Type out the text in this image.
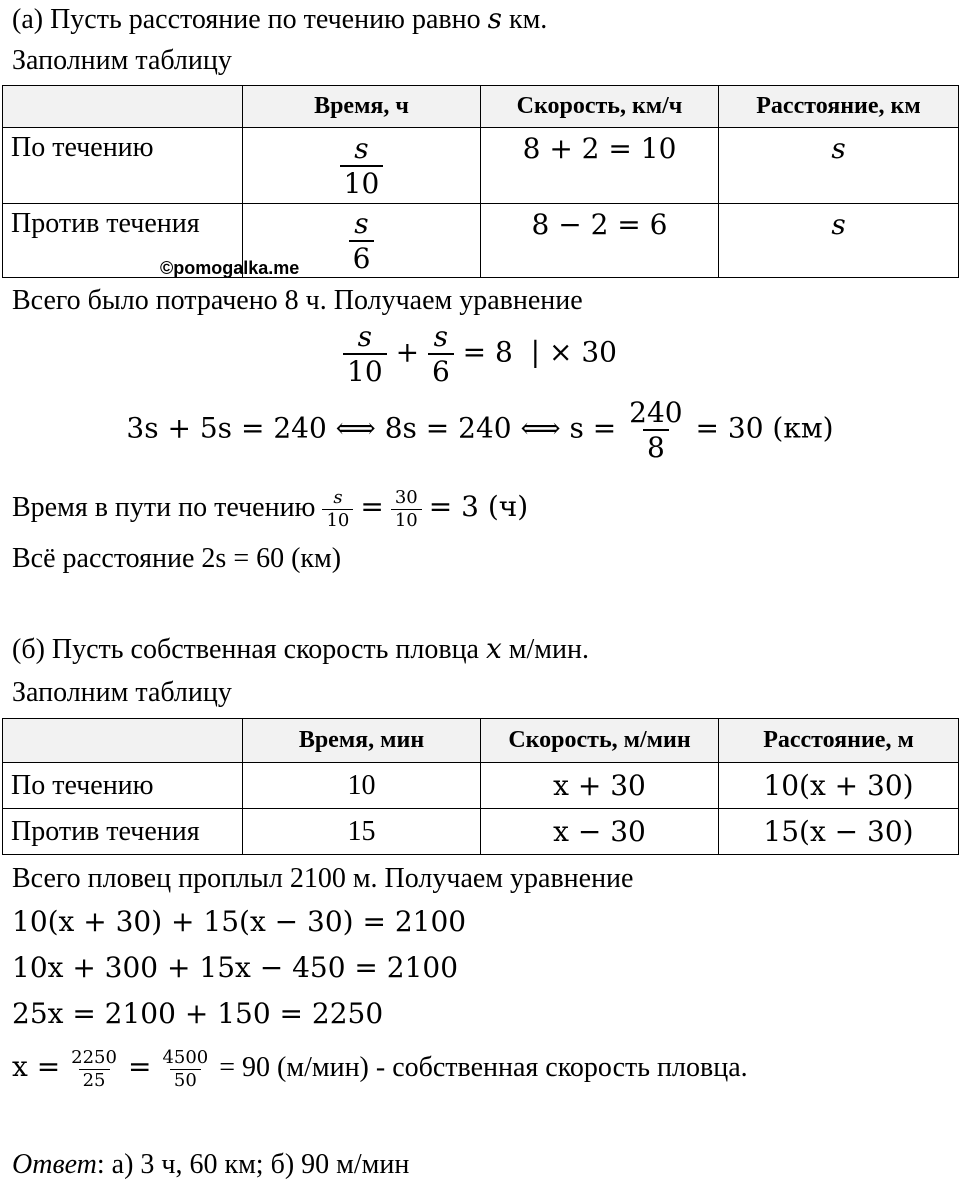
(а) Пусть расстояние по течению равно s км.
Заполним таблицу
	Время, ч	Скорость, км/ч	Расстояние, км
По течению	$\frac{s}{10}$	8 + 2 = 10	s
Против течения	$\frac{s}{6}$	8 − 2 = 6	s
©pomogalka.me
Всего было потрачено 8 ч. Получаем уравнение
$\frac{s}{10} + \frac{s}{6} = 8$  | × 30
3s + 5s = 240 ⟺ 8s = 240 ⟺ $s = \frac{240}{8} = 30$ (км)
Время в пути по течению $\frac{s}{10} = \frac{30}{10} = 3$ (ч)
Всё расстояние 2s = 60 (км)
(б) Пусть собственная скорость пловца x м/мин.
Заполним таблицу
	Время, мин	Скорость, м/мин	Расстояние, м
По течению	10	x + 30	10(x + 30)
Против течения	15	x − 30	15(x − 30)
Всего пловец проплыл 2100 м. Получаем уравнение
10(x + 30) + 15(x − 30) = 2100
10x + 300 + 15x − 450 = 2100
25x = 2100 + 150 = 2250
$x = \frac{2250}{25} = \frac{4500}{50} = 90$ (м/мин) - собственная скорость пловца.
Ответ: а) 3 ч, 60 км; б) 90 м/мин
